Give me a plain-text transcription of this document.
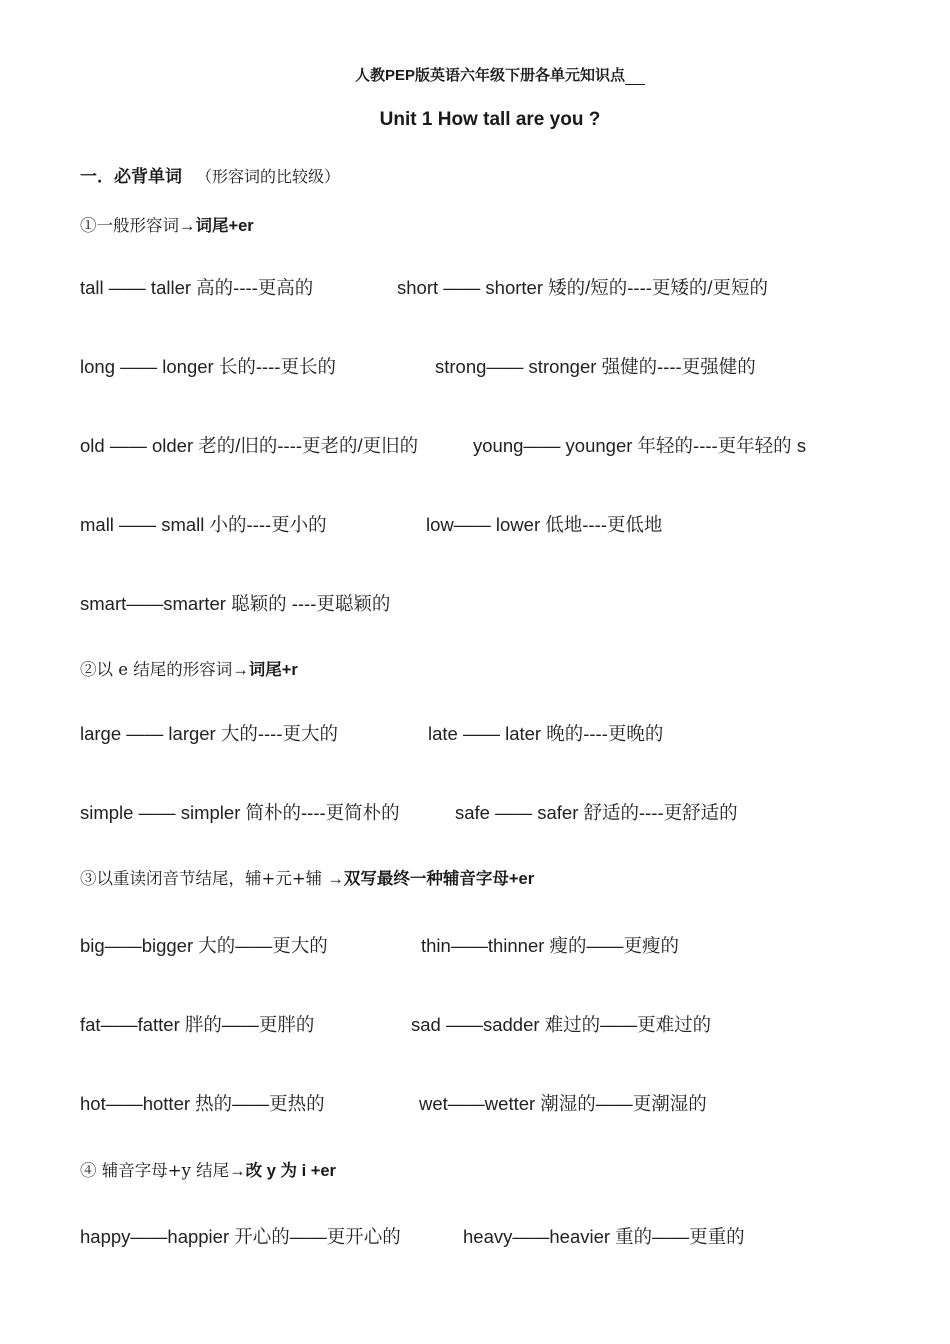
人教PEP版英语六年级下册各单元知识点
Unit 1 How tall are you ?
一．必背单词 （形容词的比较级）
①一般形容词→词尾+er
tall —— taller 高的----更高的	short —— shorter 矮的/短的----更矮的/更短的
long —— longer 长的----更长的	strong—— stronger 强健的----更强健的
old —— older 老的/旧的----更老的/更旧的	young—— younger 年轻的----更年轻的 s
mall —— small 小的----更小的	low—— lower 低地----更低地
smart——smarter 聪颖的 ----更聪颖的
②以 e 结尾的形容词→词尾+r
large —— larger 大的----更大的	late —— later 晚的----更晚的
simple —— simpler 简朴的----更简朴的	safe —— safer 舒适的----更舒适的
③以重读闭音节结尾，辅+元+辅 →双写最终一种辅音字母+er
big——bigger 大的——更大的	thin——thinner 瘦的——更瘦的
fat——fatter 胖的——更胖的	sad ——sadder 难过的——更难过的
hot——hotter 热的——更热的	wet——wetter 潮湿的——更潮湿的
④ 辅音字母+y 结尾→改 y 为 i +er
happy——happier 开心的——更开心的	heavy——heavier 重的——更重的
